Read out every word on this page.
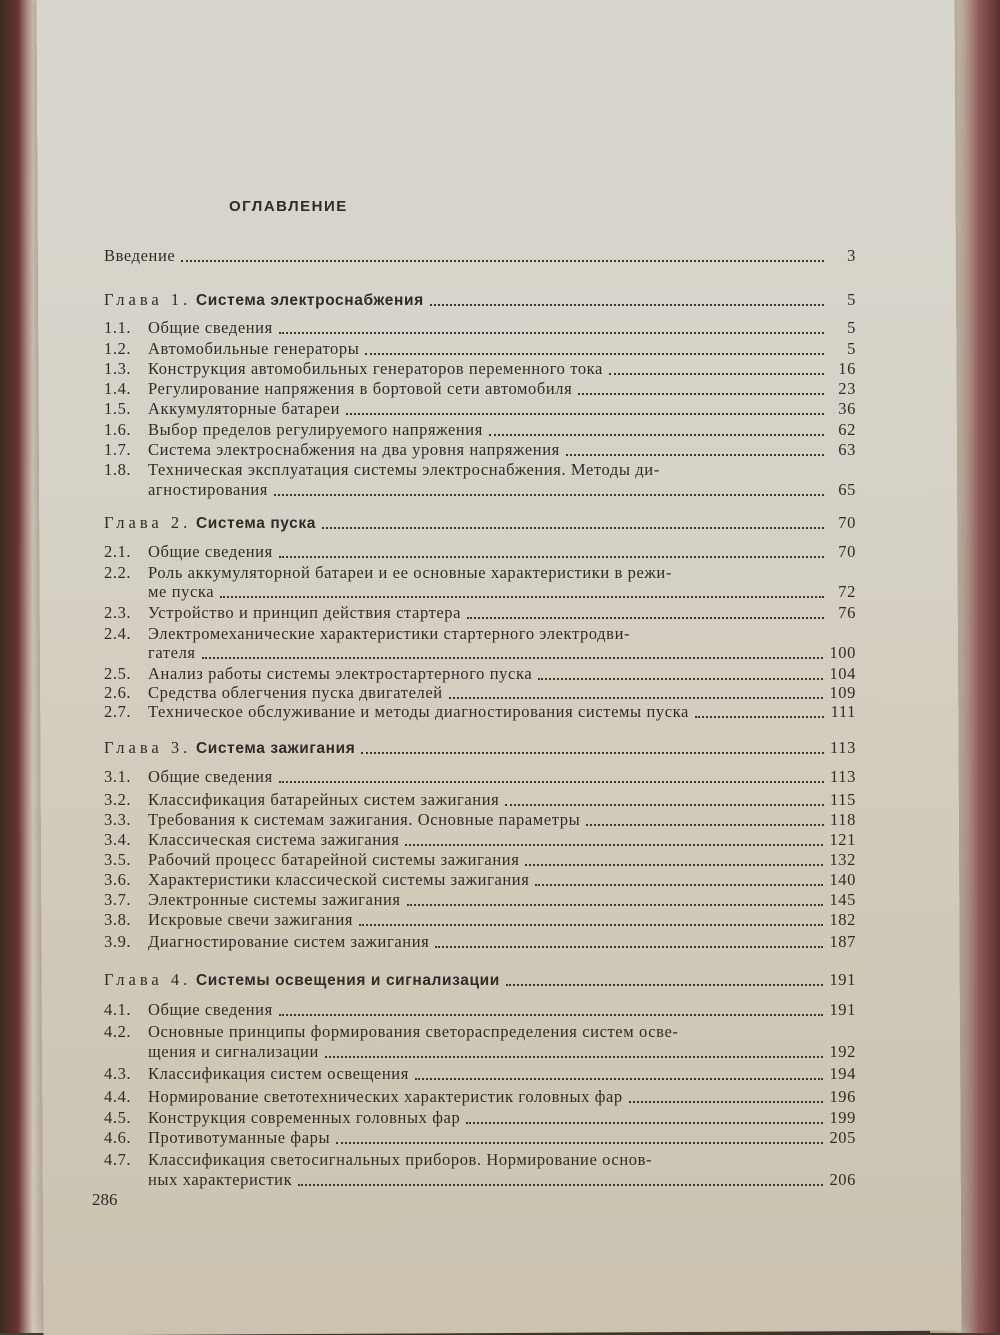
ОГЛАВЛЕНИЕ
Введение	3
Глава 1. Система электроснабжения	5
1.1.	Общие сведения	5
1.2.	Автомобильные генераторы	5
1.3.	Конструкция автомобильных генераторов переменного тока	16
1.4.	Регулирование напряжения в бортовой сети автомобиля	23
1.5.	Аккумуляторные батареи	36
1.6.	Выбор пределов регулируемого напряжения	62
1.7.	Система электроснабжения на два уровня напряжения	63
1.8.	Техническая эксплуатация системы электроснабжения. Методы ди-
агностирования	65
Глава 2. Система пуска	70
2.1.	Общие сведения	70
2.2.	Роль аккумуляторной батареи и ее основные характеристики в режи-
ме пуска	72
2.3.	Устройство и принцип действия стартера	76
2.4.	Электромеханические характеристики стартерного электродви-
гателя	100
2.5.	Анализ работы системы электростартерного пуска	104
2.6.	Средства облегчения пуска двигателей	109
2.7.	Техническое обслуживание и методы диагностирования системы пуска	111
Глава 3. Система зажигания	113
3.1.	Общие сведения	113
3.2.	Классификация батарейных систем зажигания	115
3.3.	Требования к системам зажигания. Основные параметры	118
3.4.	Классическая система зажигания	121
3.5.	Рабочий процесс батарейной системы зажигания	132
3.6.	Характеристики классической системы зажигания	140
3.7.	Электронные системы зажигания	145
3.8.	Искровые свечи зажигания	182
3.9.	Диагностирование систем зажигания	187
Глава 4. Системы освещения и сигнализации	191
4.1.	Общие сведения	191
4.2.	Основные принципы формирования светораспределения систем осве-
щения и сигнализации	192
4.3.	Классификация систем освещения	194
4.4.	Нормирование светотехнических характеристик головных фар	196
4.5.	Конструкция современных головных фар	199
4.6.	Противотуманные фары	205
4.7.	Классификация светосигнальных приборов. Нормирование основ-
ных характеристик	206
286
